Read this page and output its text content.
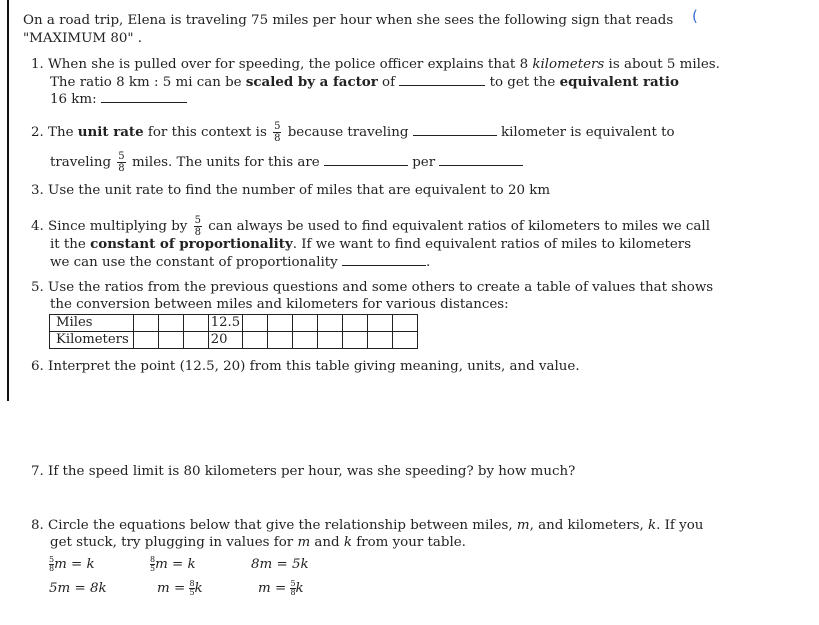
(
On a road trip, Elena is traveling 75 miles per hour when she sees the following sign that reads
"MAXIMUM 80" .
1. When she is pulled over for speeding, the police officer explains that 8 kilometers is about 5 miles.
The ratio 8 km : 5 mi can be scaled by a factor of	to get the equivalent ratio
16 km:
2. The unit rate for this context is $\frac{5}{8}$ because traveling	kilometer is equivalent to
traveling $\frac{5}{8}$ miles. The units for this are	per
3. Use the unit rate to find the number of miles that are equivalent to 20 km
4. Since multiplying by $\frac{5}{8}$ can always be used to find equivalent ratios of kilometers to miles we call
it the constant of proportionality. If we want to find equivalent ratios of miles to kilometers
we can use the constant of proportionality	.
5. Use the ratios from the previous questions and some others to create a table of values that shows
the conversion between miles and kilometers for various distances:
Miles				12.5							
Kilometers				20							
6. Interpret the point (12.5, 20) from this table giving meaning, units, and value.
7. If the speed limit is 80 kilometers per hour, was she speeding? by how much?
8. Circle the equations below that give the relationship between miles, m, and kilometers, k. If you
get stuck, try plugging in values for m and k from your table.
$\frac{5}{8}$ m = k	$\frac{8}{5}$ m = k	8m = 5k
5m = 8k	$m = \frac{8}{5}$ k	$m = \frac{5}{8}$ k
